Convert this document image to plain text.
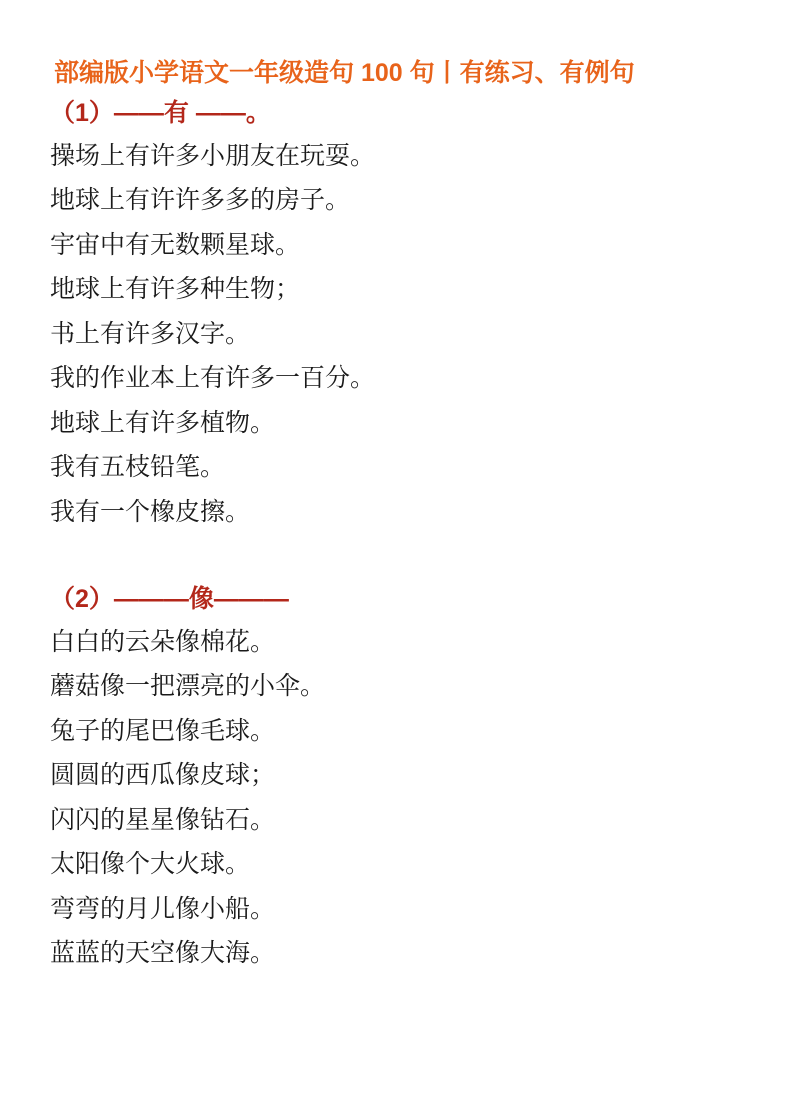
部编版小学语文一年级造句 100 句丨有练习、有例句
（1）——有 ——。
操场上有许多小朋友在玩耍。
地球上有许许多多的房子。
宇宙中有无数颗星球。
地球上有许多种生物；
书上有许多汉字。
我的作业本上有许多一百分。
地球上有许多植物。
我有五枝铅笔。
我有一个橡皮擦。
（2）———像———
白白的云朵像棉花。
蘑菇像一把漂亮的小伞。
兔子的尾巴像毛球。
圆圆的西瓜像皮球；
闪闪的星星像钻石。
太阳像个大火球。
弯弯的月儿像小船。
蓝蓝的天空像大海。
